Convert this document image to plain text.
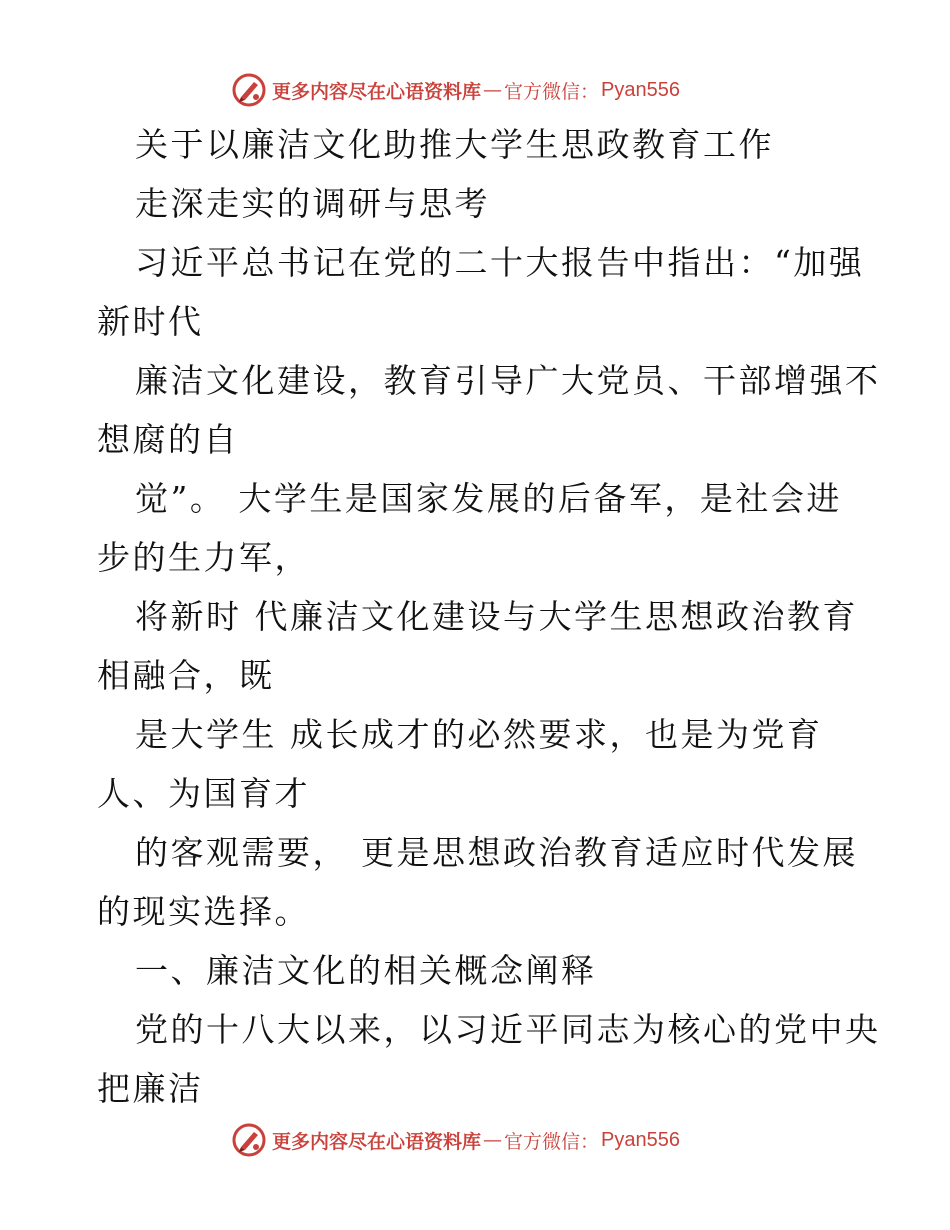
更多内容尽在心语资料库 — 官方微信： Pyan556
关于以廉洁文化助推大学生思政教育工作
走深走实的调研与思考
习近平总书记在党的二十大报告中指出：“加强
新时代
廉洁文化建设，教育引导广大党员、干部增强不
想腐的自
觉”。 大学生是国家发展的后备军，是社会进
步的生力军，
将新时 代廉洁文化建设与大学生思想政治教育
相融合，既
是大学生 成长成才的必然要求，也是为党育
人、为国育才
的客观需要， 更是思想政治教育适应时代发展
的现实选择。
一、廉洁文化的相关概念阐释
党的十八大以来，以习近平同志为核心的党中央
把廉洁
更多内容尽在心语资料库 — 官方微信： Pyan556
